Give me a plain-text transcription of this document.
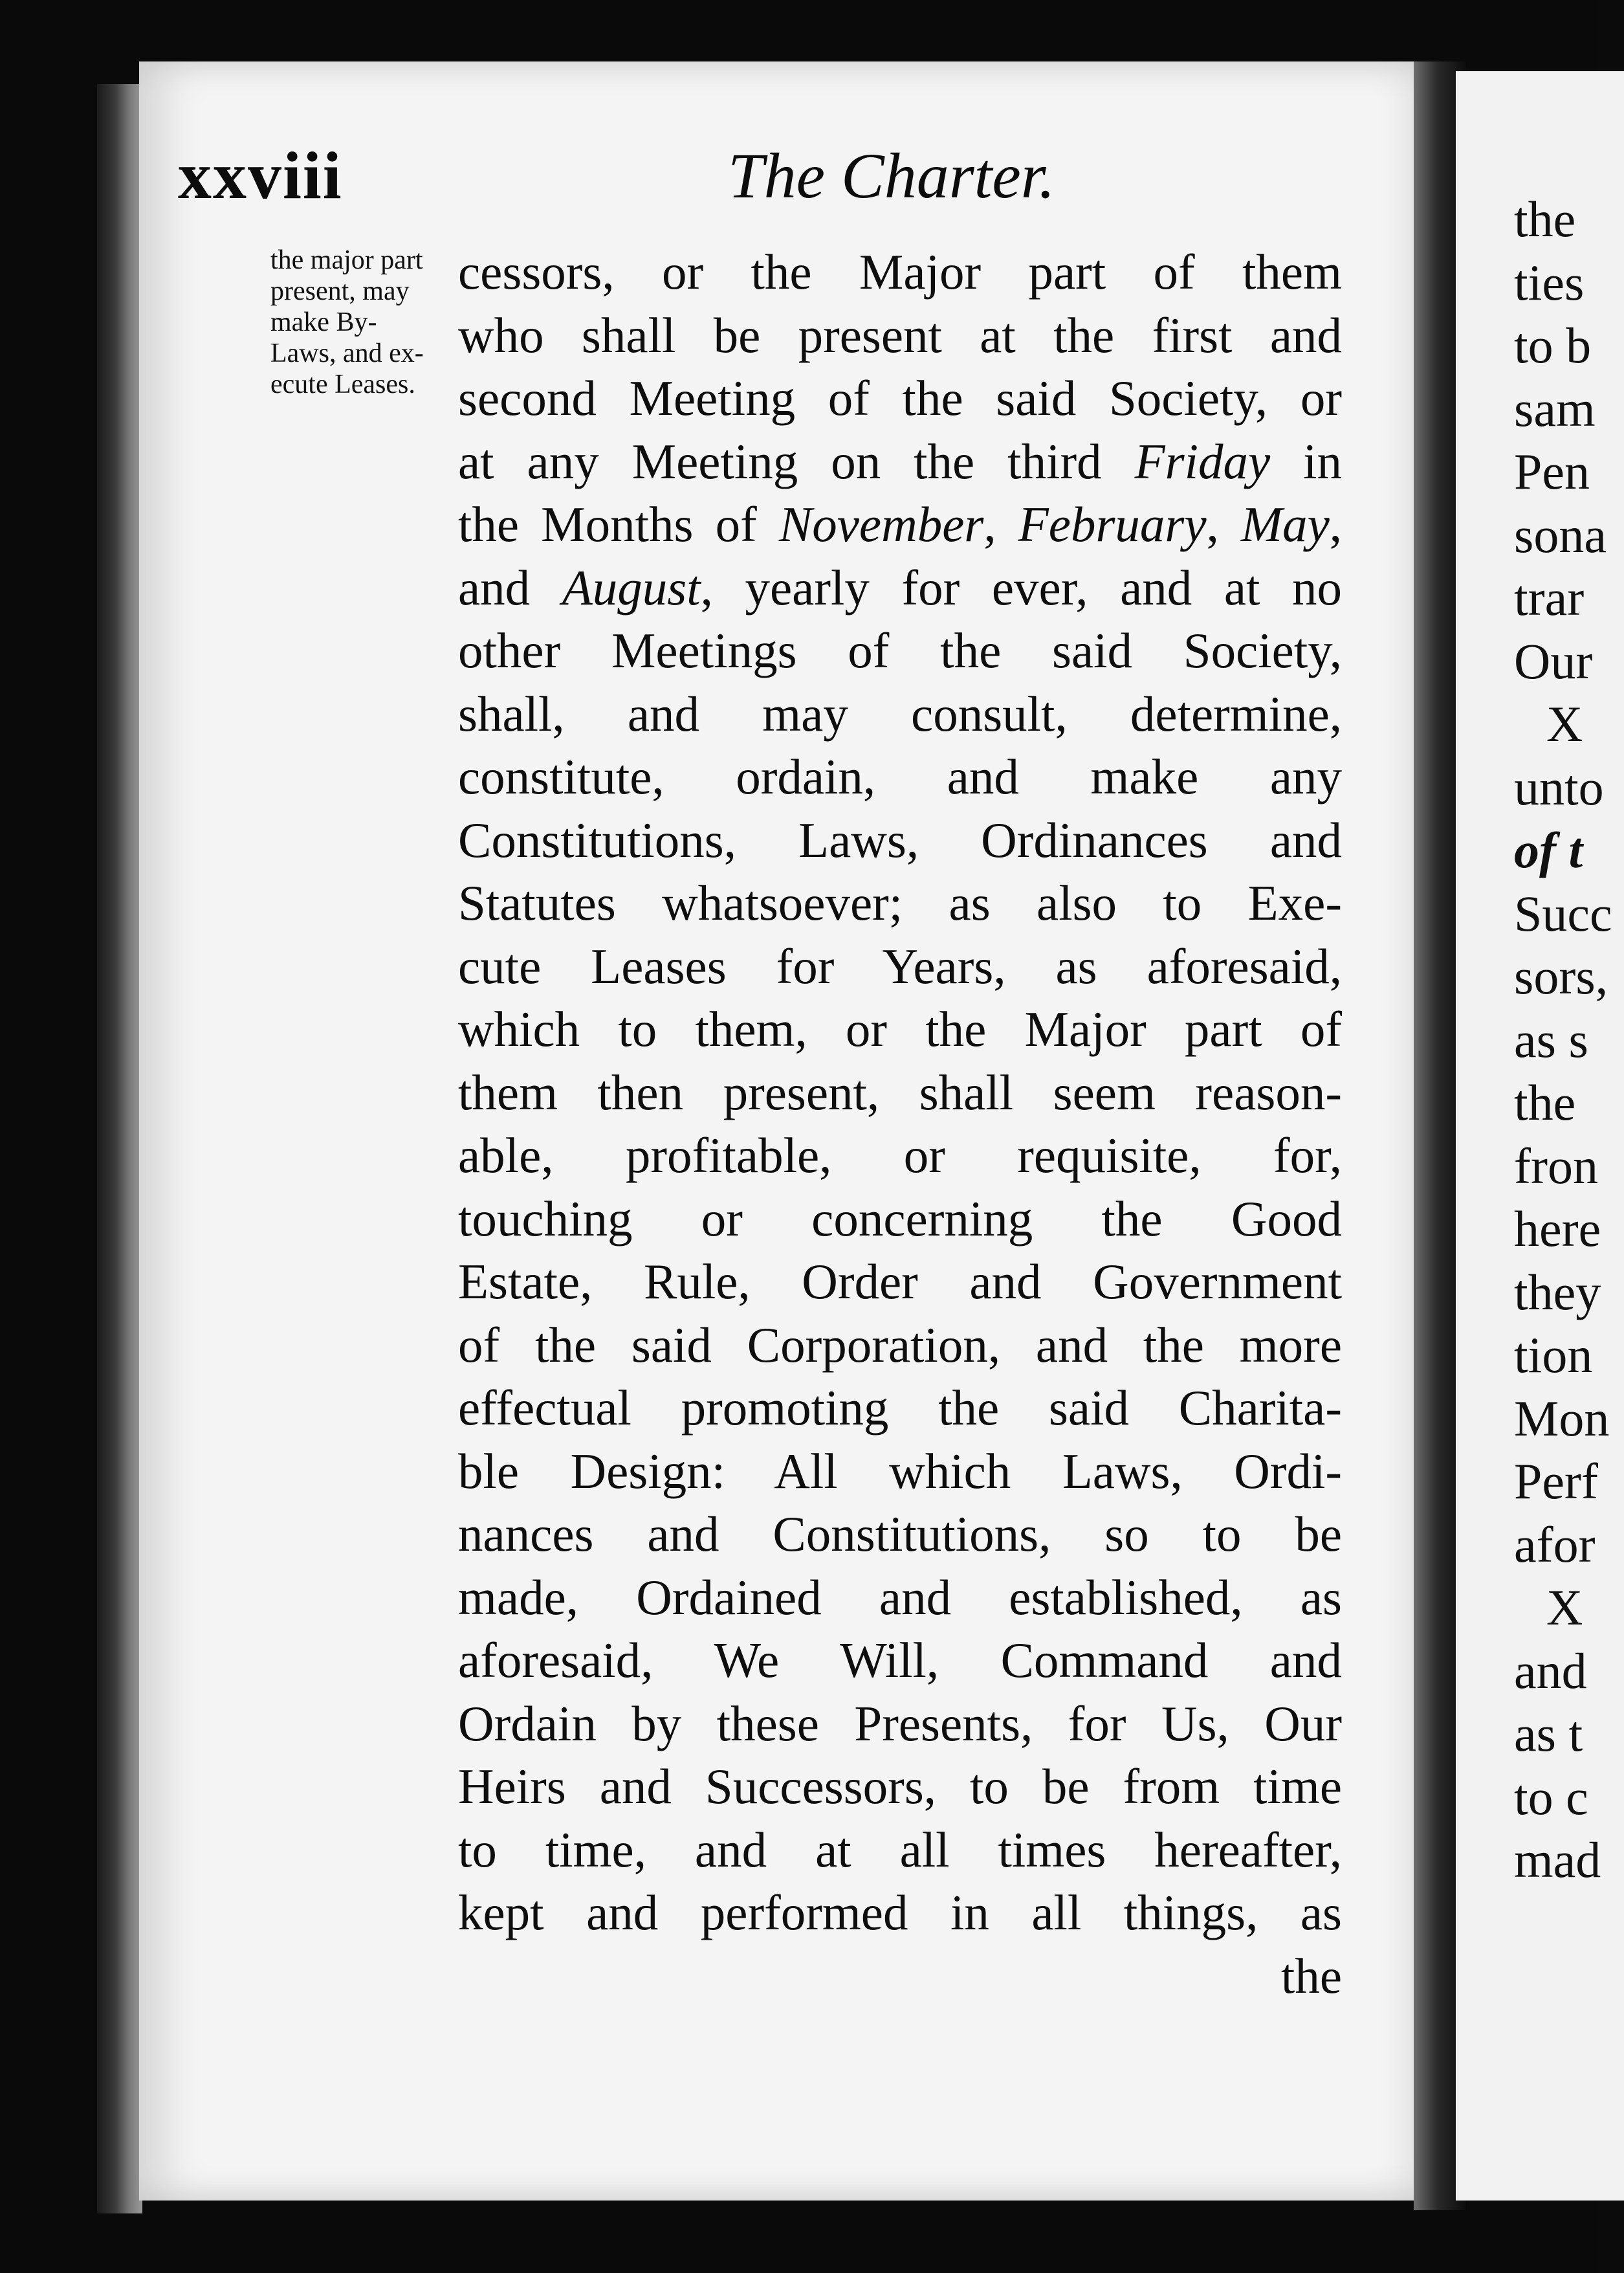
the
ties
to b
sam
Pen
sona
trar
Our
X
unto
of t
Succ
sors,
as s
the
fron
here
they
tion
Mon
Perf
afor
X
and
as t
to c
mad
xxviii	The Charter.
the major part
present, may
make By-
Laws, and ex-
ecute Leases.
cessors, or the Major part of them
who shall be present at the first and
second Meeting of the said Society, or
at any Meeting on the third Friday in
the Months of November, February, May,
and August, yearly for ever, and at no
other Meetings of the said Society,
shall, and may consult, determine,
constitute, ordain, and make any
Constitutions, Laws, Ordinances and
Statutes whatsoever; as also to Exe-
cute Leases for Years, as aforesaid,
which to them, or the Major part of
them then present, shall seem reason-
able, profitable, or requisite, for,
touching or concerning the Good
Estate, Rule, Order and Government
of the said Corporation, and the more
effectual promoting the said Charita-
ble Design: All which Laws, Ordi-
nances and Constitutions, so to be
made, Ordained and established, as
aforesaid, We Will, Command and
Ordain by these Presents, for Us, Our
Heirs and Successors, to be from time
to time, and at all times hereafter,
kept and performed in all things, as
the
